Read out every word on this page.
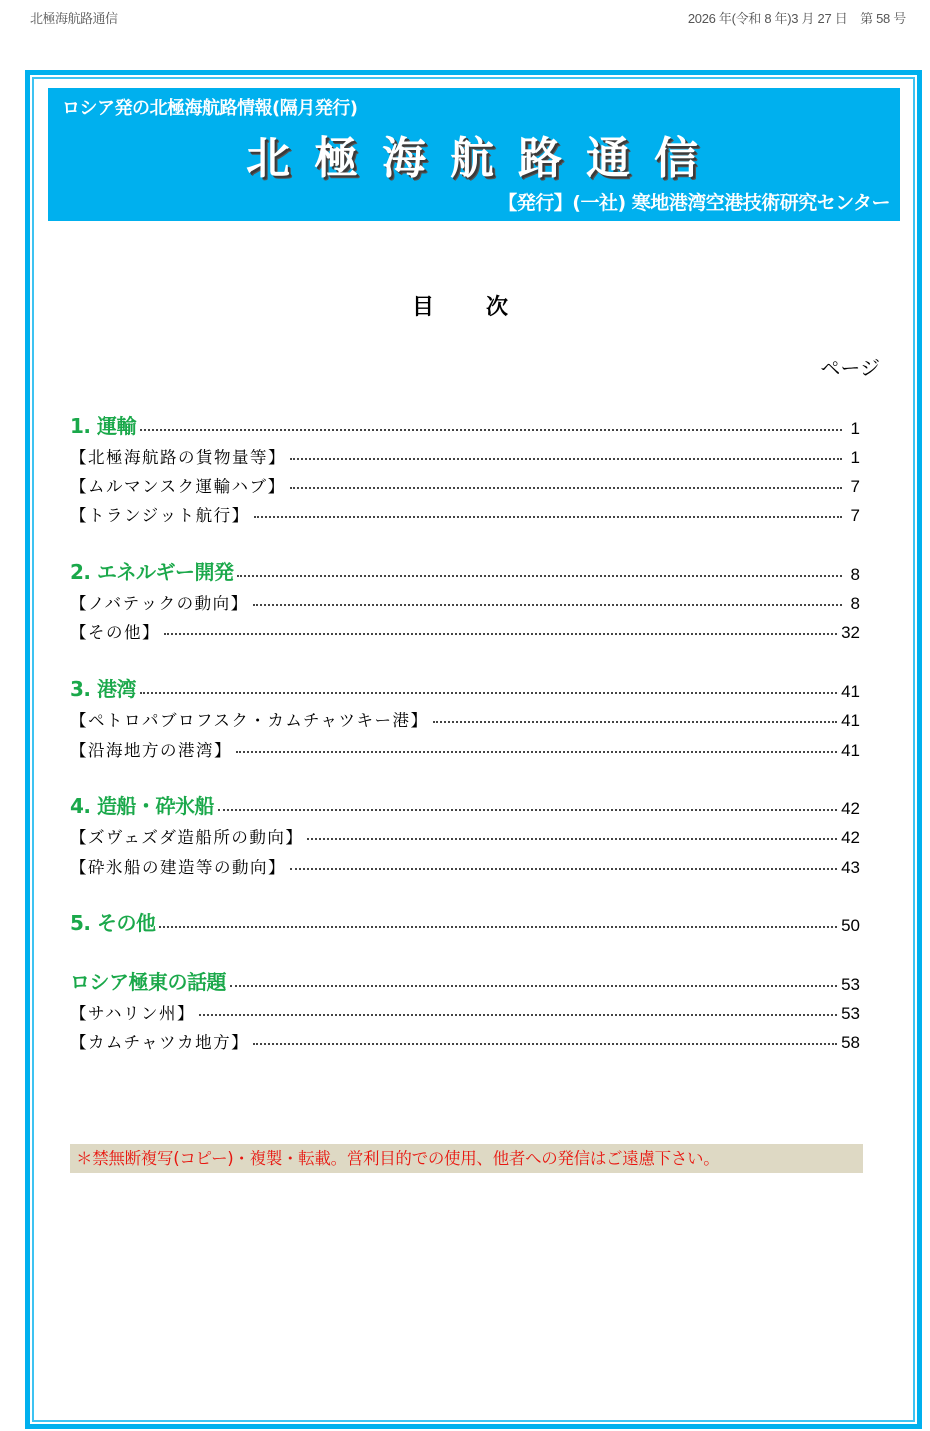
北極海航路通信	2026 年(令和 8 年)3 月 27 日　第 58 号
ロシア発の北極海航路情報(隔月発行)
北極海航路通信
【発行】(一社) 寒地港湾空港技術研究センター
目次
ページ
1. 運輸	1
【北極海航路の貨物量等】	1
【ムルマンスク運輸ハブ】	7
【トランジット航行】	7
2. エネルギー開発	8
【ノバテックの動向】	8
【その他】	32
3. 港湾	41
【ペトロパブロフスク・カムチャツキー港】	41
【沿海地方の港湾】	41
4. 造船・砕氷船	42
【ズヴェズダ造船所の動向】	42
【砕氷船の建造等の動向】	43
5. その他	50
ロシア極東の話題	53
【サハリン州】	53
【カムチャツカ地方】	58
＊禁無断複写(コピー)・複製・転載。営利目的での使用、他者への発信はご遠慮下さい。
